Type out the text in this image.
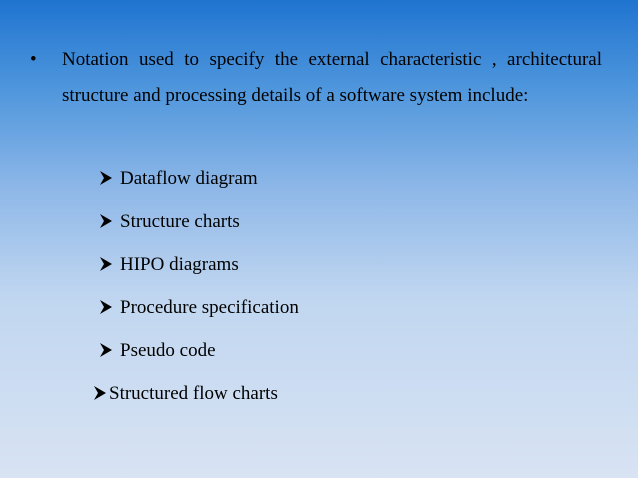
• Notation used to specify the external characteristic , architectural structure and processing details of a software system include:
Dataflow diagram
Structure charts
HIPO diagrams
Procedure specification
Pseudo code
Structured flow charts
